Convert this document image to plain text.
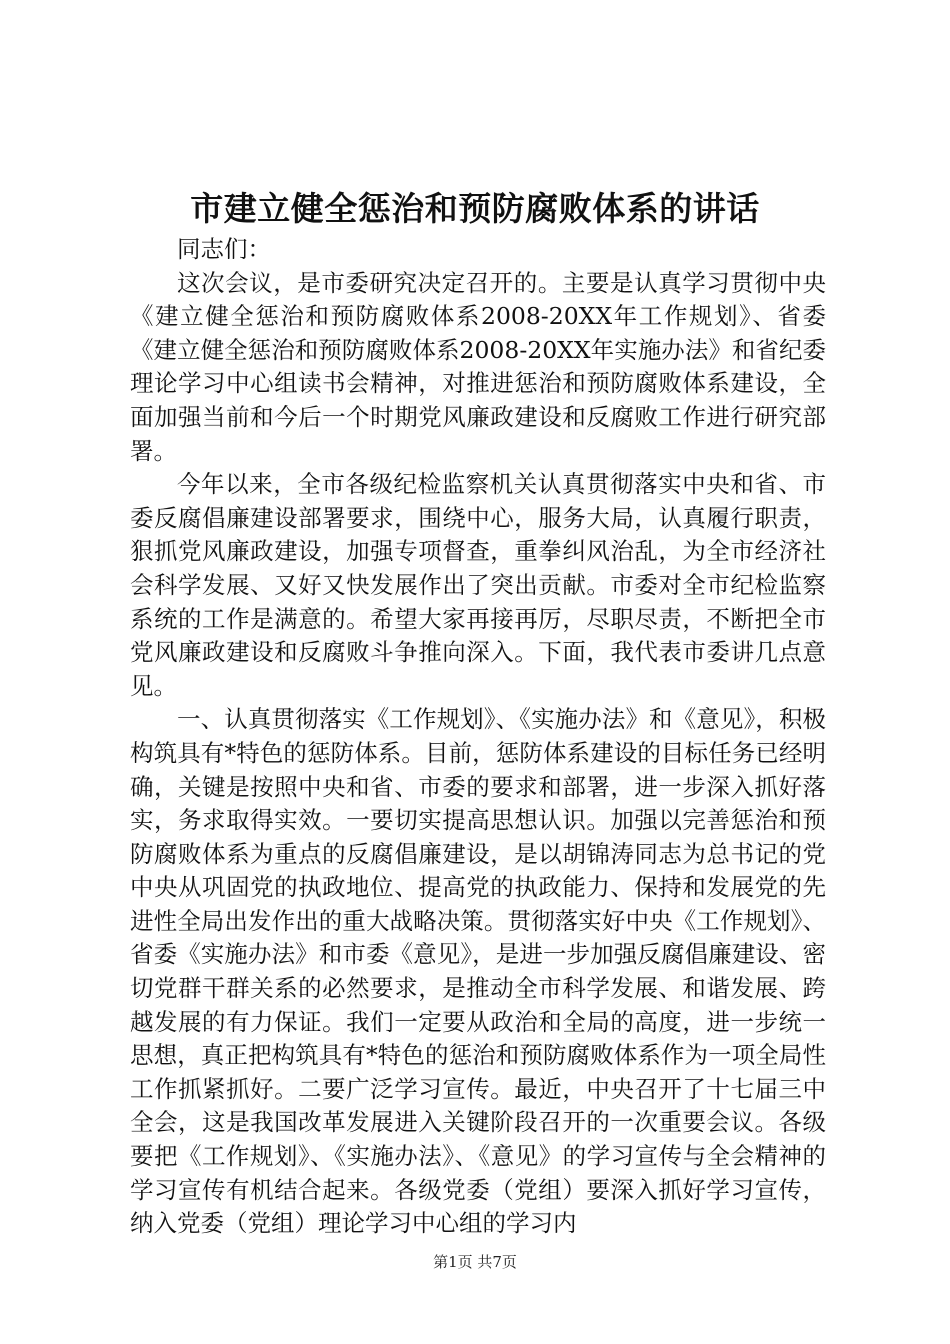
市建立健全惩治和预防腐败体系的讲话

同志们：

这次会议，是市委研究决定召开的。主要是认真学习贯彻中央《建立健全惩治和预防腐败体系2008-20XX年工作规划》、省委《建立健全惩治和预防腐败体系2008-20XX年实施办法》和省纪委理论学习中心组读书会精神，对推进惩治和预防腐败体系建设，全面加强当前和今后一个时期党风廉政建设和反腐败工作进行研究部署。

今年以来，全市各级纪检监察机关认真贯彻落实中央和省、市委反腐倡廉建设部署要求，围绕中心，服务大局，认真履行职责，狠抓党风廉政建设，加强专项督查，重拳纠风治乱，为全市经济社会科学发展、又好又快发展作出了突出贡献。市委对全市纪检监察系统的工作是满意的。希望大家再接再厉，尽职尽责，不断把全市党风廉政建设和反腐败斗争推向深入。下面，我代表市委讲几点意见。

一、认真贯彻落实《工作规划》、《实施办法》和《意见》，积极构筑具有*特色的惩防体系。目前，惩防体系建设的目标任务已经明确，关键是按照中央和省、市委的要求和部署，进一步深入抓好落实，务求取得实效。一要切实提高思想认识。加强以完善惩治和预防腐败体系为重点的反腐倡廉建设，是以胡锦涛同志为总书记的党中央从巩固党的执政地位、提高党的执政能力、保持和发展党的先进性全局出发作出的重大战略决策。贯彻落实好中央《工作规划》、省委《实施办法》和市委《意见》，是进一步加强反腐倡廉建设、密切党群干群关系的必然要求，是推动全市科学发展、和谐发展、跨越发展的有力保证。我们一定要从政治和全局的高度，进一步统一思想，真正把构筑具有*特色的惩治和预防腐败体系作为一项全局性工作抓紧抓好。二要广泛学习宣传。最近，中央召开了十七届三中全会，这是我国改革发展进入关键阶段召开的一次重要会议。各级要把《工作规划》、《实施办法》、《意见》的学习宣传与全会精神的学习宣传有机结合起来。各级党委（党组）要深入抓好学习宣传，纳入党委（党组）理论学习中心组的学习内

第1页 共7页
